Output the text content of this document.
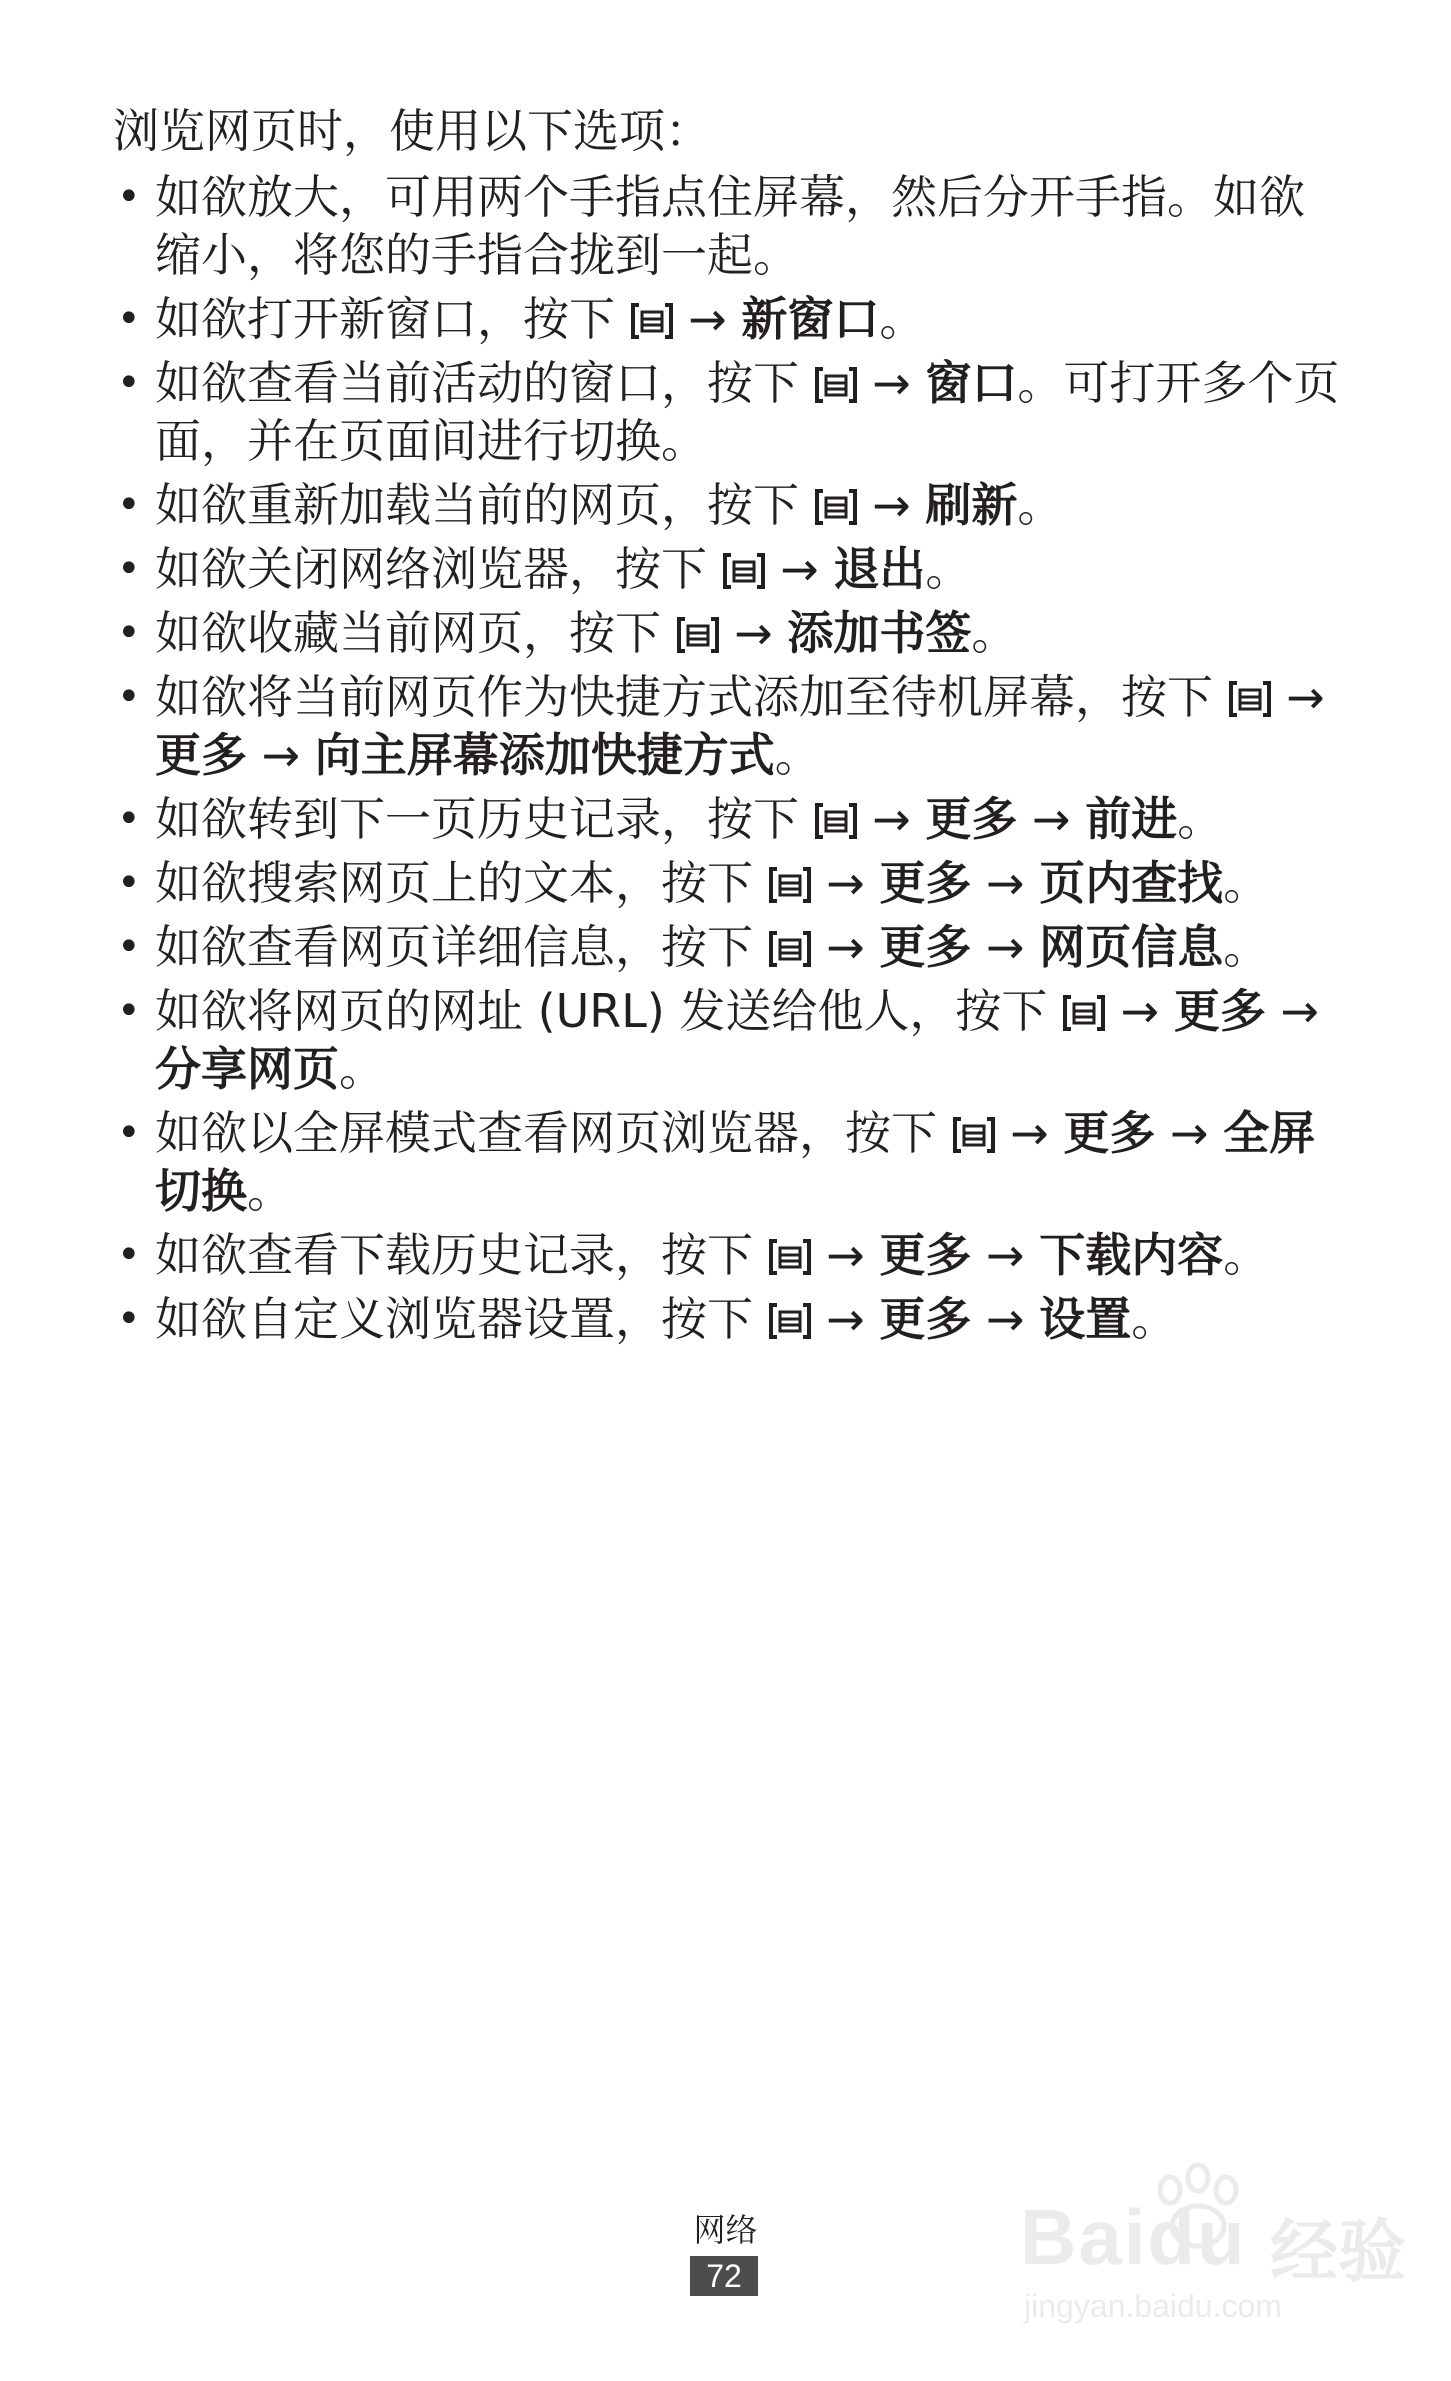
浏览网页时，使用以下选项：
• 如欲放大，可用两个手指点住屏幕，然后分开手指。如欲缩小，将您的手指合拢到一起。
• 如欲打开新窗口，按下  → 新窗口。
• 如欲查看当前活动的窗口，按下  → 窗口。可打开多个页面，并在页面间进行切换。
• 如欲重新加载当前的网页，按下  → 刷新。
• 如欲关闭网络浏览器，按下  → 退出。
• 如欲收藏当前网页，按下  → 添加书签。
• 如欲将当前网页作为快捷方式添加至待机屏幕，按下  → 更多 → 向主屏幕添加快捷方式。
• 如欲转到下一页历史记录，按下  → 更多 → 前进。
• 如欲搜索网页上的文本，按下  → 更多 → 页内查找。
• 如欲查看网页详细信息，按下  → 更多 → 网页信息。
• 如欲将网页的网址 (URL) 发送给他人，按下  → 更多 → 分享网页。
• 如欲以全屏模式查看网页浏览器，按下  → 更多 → 全屏切换。
• 如欲查看下载历史记录，按下  → 更多 → 下载内容。
• 如欲自定义浏览器设置，按下  → 更多 → 设置。
网络
72	Baidu 经验
jingyan.baidu.com
